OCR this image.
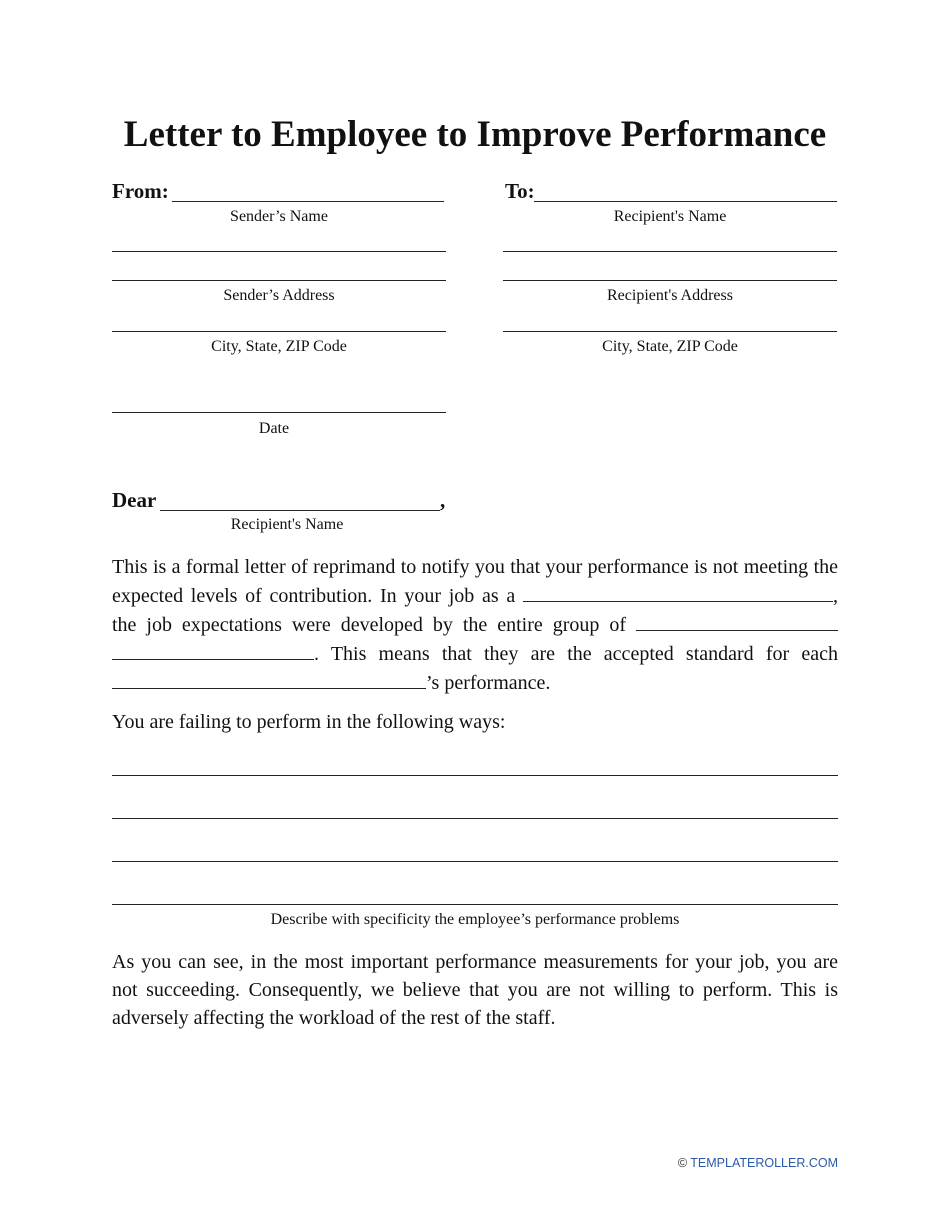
Letter to Employee to Improve Performance
From:	To:
Sender’s Name	Recipient's Name
Sender’s Address	Recipient's Address
City, State, ZIP Code	City, State, ZIP Code
Date
Dear	,
Recipient's Name

This is a formal letter of reprimand to notify you that your performance is not meeting the expected levels of contribution. In your job as a	, the job expectations were developed by the entire group of  . This means that they are the accepted standard for each ’s performance.

You are failing to perform in the following ways:

Describe with specificity the employee’s performance problems

As you can see, in the most important performance measurements for your job, you are not succeeding. Consequently, we believe that you are not willing to perform. This is adversely affecting the workload of the rest of the staff.

© TEMPLATEROLLER.COM
